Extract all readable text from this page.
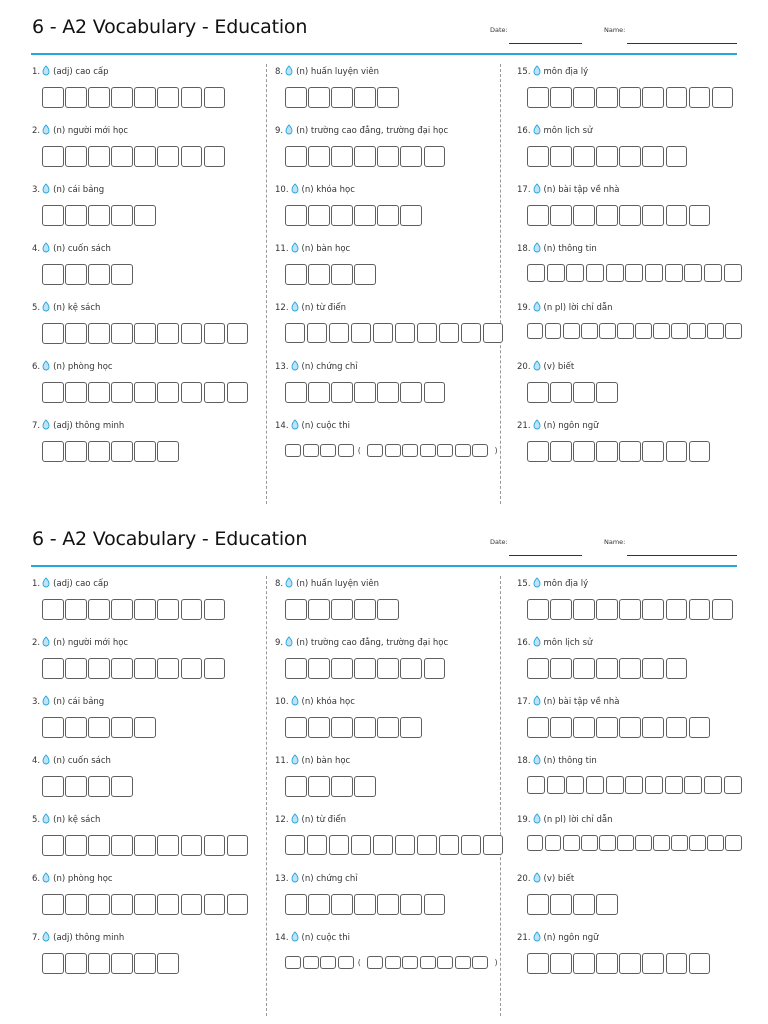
6 - A2 Vocabulary - Education	Date:	Name:
1. (adj) cao cấp
2. (n) người mới học
3. (n) cái bảng
4. (n) cuốn sách
5. (n) kệ sách
6. (n) phòng học
7. (adj) thông minh
8. (n) huấn luyện viên
9. (n) trường cao đẳng, trường đại học
10. (n) khóa học
11. (n) bàn học
12. (n) từ điển
13. (n) chứng chỉ
14. (n) cuộc thi
(	)
15. môn địa lý
16. môn lịch sử
17. (n) bài tập về nhà
18. (n) thông tin
19. (n pl) lời chỉ dẫn
20. (v) biết
21. (n) ngôn ngữ
6 - A2 Vocabulary - Education	Date:	Name:
1. (adj) cao cấp
2. (n) người mới học
3. (n) cái bảng
4. (n) cuốn sách
5. (n) kệ sách
6. (n) phòng học
7. (adj) thông minh
8. (n) huấn luyện viên
9. (n) trường cao đẳng, trường đại học
10. (n) khóa học
11. (n) bàn học
12. (n) từ điển
13. (n) chứng chỉ
14. (n) cuộc thi
(	)
15. môn địa lý
16. môn lịch sử
17. (n) bài tập về nhà
18. (n) thông tin
19. (n pl) lời chỉ dẫn
20. (v) biết
21. (n) ngôn ngữ
